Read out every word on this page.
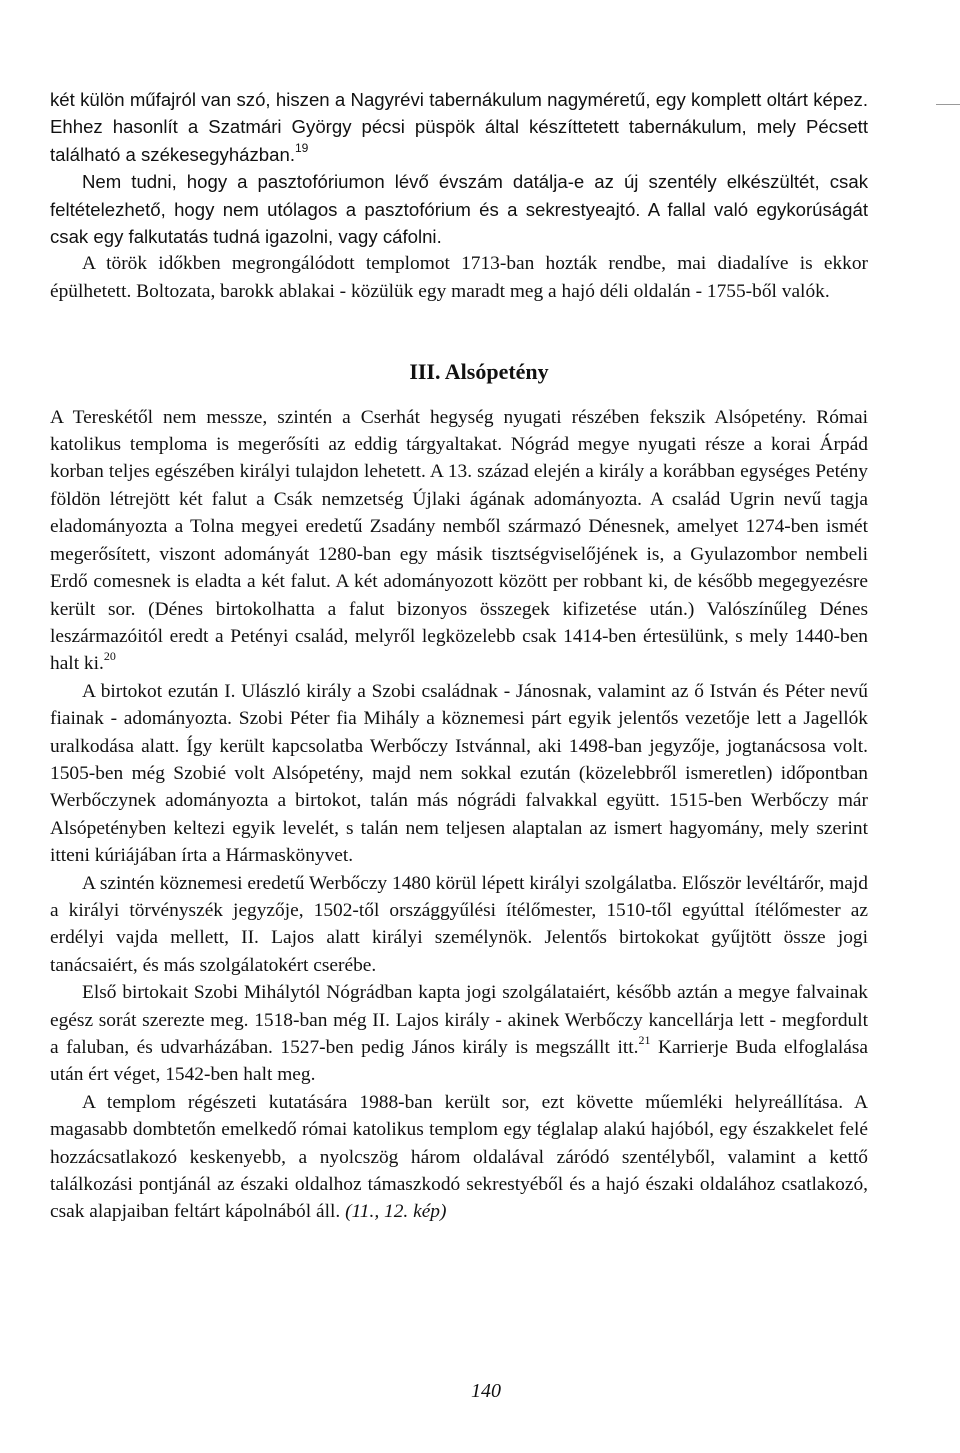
két külön műfajról van szó, hiszen a Nagyrévi tabernákulum nagyméretű, egy komplett oltárt képez. Ehhez hasonlít a Szatmári György pécsi püspök által készíttetett tabernákulum, mely Pécsett található a székesegyházban.$^{19}$

Nem tudni, hogy a pasztofóriumon lévő évszám datálja-e az új szentély elkészültét, csak feltételezhető, hogy nem utólagos a pasztofórium és a sekrestyeajtó. A fallal való egykorúságát csak egy falkutatás tudná igazolni, vagy cáfolni.

A török időkben megrongálódott templomot 1713-ban hozták rendbe, mai diadalíve is ekkor épülhetett. Boltozata, barokk ablakai - közülük egy maradt meg a hajó déli oldalán - 1755-ből valók.

III. Alsópetény

A Tereskétől nem messze, szintén a Cserhát hegység nyugati részében fekszik Alsópetény. Római katolikus temploma is megerősíti az eddig tárgyaltakat. Nógrád megye nyugati része a korai Árpád korban teljes egészében királyi tulajdon lehetett. A 13. század elején a király a korábban egységes Petény földön létrejött két falut a Csák nemzetség Újlaki ágának adományozta. A család Ugrin nevű tagja eladományozta a Tolna megyei eredetű Zsadány nemből származó Dénesnek, amelyet 1274-ben ismét megerősített, viszont adományát 1280-ban egy másik tisztségviselőjének is, a Gyulazombor nembeli Erdő comesnek is eladta a két falut. A két adományozott között per robbant ki, de később megegyezésre került sor. (Dénes birtokolhatta a falut bizonyos összegek kifizetése után.) Valószínűleg Dénes leszármazóitól eredt a Petényi család, melyről legközelebb csak 1414-ben értesülünk, s mely 1440-ben halt ki.$^{20}$

A birtokot ezután I. Ulászló király a Szobi családnak - Jánosnak, valamint az ő István és Péter nevű fiainak - adományozta. Szobi Péter fia Mihály a köznemesi párt egyik jelentős vezetője lett a Jagellók uralkodása alatt. Így került kapcsolatba Werbőczy Istvánnal, aki 1498-ban jegyzője, jogtanácsosa volt. 1505-ben még Szobié volt Alsópetény, majd nem sokkal ezután (közelebbről ismeretlen) időpontban Werbőczynek adományozta a birtokot, talán más nógrádi falvakkal együtt. 1515-ben Werbőczy már Alsópetényben keltezi egyik levelét, s talán nem teljesen alaptalan az ismert hagyomány, mely szerint itteni kúriájában írta a Hármaskönyvet.

A szintén köznemesi eredetű Werbőczy 1480 körül lépett királyi szolgálatba. Először levéltárőr, majd a királyi törvényszék jegyzője, 1502-től országgyűlési ítélőmester, 1510-től egyúttal ítélőmester az erdélyi vajda mellett, II. Lajos alatt királyi személynök. Jelentős birtokokat gyűjtött össze jogi tanácsaiért, és más szolgálatokért cserébe.

Első birtokait Szobi Mihálytól Nógrádban kapta jogi szolgálataiért, később aztán a megye falvainak egész sorát szerezte meg. 1518-ban még II. Lajos király - akinek Werbőczy kancellárja lett - megfordult a faluban, és udvarházában. 1527-ben pedig János király is megszállt itt.$^{21}$ Karrierje Buda elfoglalása után ért véget, 1542-ben halt meg.

A templom régészeti kutatására 1988-ban került sor, ezt követte műemléki helyreállítása. A magasabb dombtetőn emelkedő római katolikus templom egy téglalap alakú hajóból, egy északkelet felé hozzácsatlakozó keskenyebb, a nyolcszög három oldalával záródó szentélyből, valamint a kettő találkozási pontjánál az északi oldalhoz támaszkodó sekrestyéből és a hajó északi oldalához csatlakozó, csak alapjaiban feltárt kápolnából áll. (11., 12. kép)

140
